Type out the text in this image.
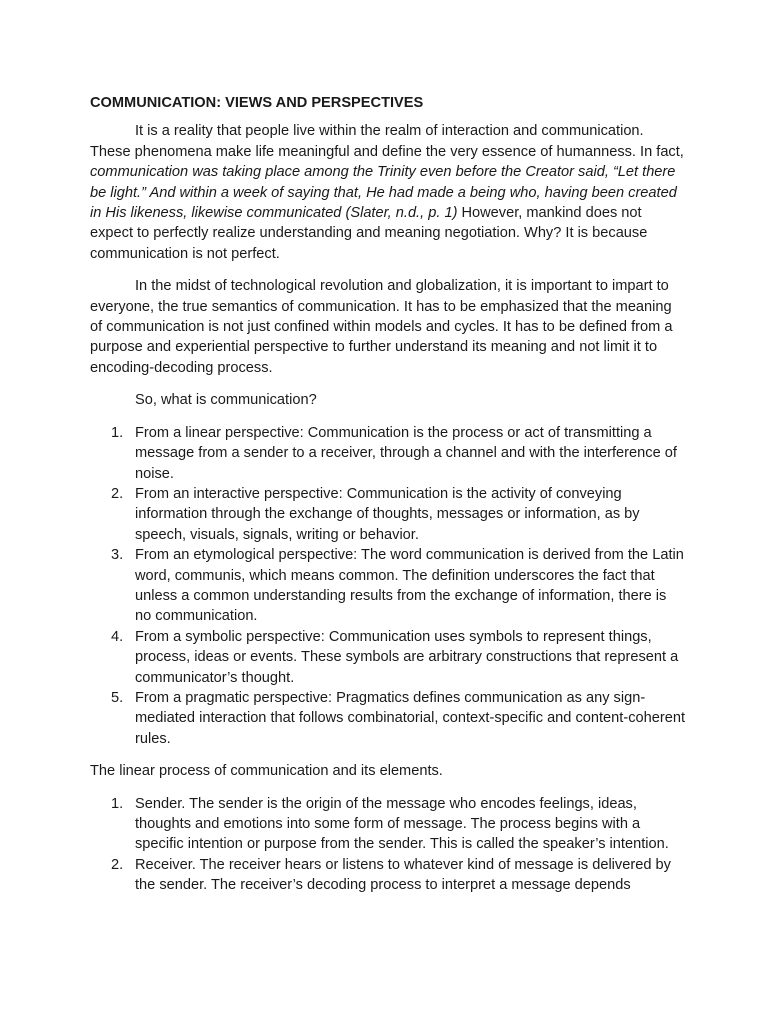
COMMUNICATION: VIEWS AND PERSPECTIVES

It is a reality that people live within the realm of interaction and communication. These phenomena make life meaningful and define the very essence of humanness. In fact, communication was taking place among the Trinity even before the Creator said, “Let there be light.” And within a week of saying that, He had made a being who, having been created in His likeness, likewise communicated (Slater, n.d., p. 1) However, mankind does not expect to perfectly realize understanding and meaning negotiation. Why? It is because communication is not perfect.

In the midst of technological revolution and globalization, it is important to impart to everyone, the true semantics of communication. It has to be emphasized that the meaning of communication is not just confined within models and cycles. It has to be defined from a purpose and experiential perspective to further understand its meaning and not limit it to encoding-decoding process.

So, what is communication?

1. From a linear perspective: Communication is the process or act of transmitting a message from a sender to a receiver, through a channel and with the interference of noise.
2. From an interactive perspective: Communication is the activity of conveying information through the exchange of thoughts, messages or information, as by speech, visuals, signals, writing or behavior.
3. From an etymological perspective: The word communication is derived from the Latin word, communis, which means common. The definition underscores the fact that unless a common understanding results from the exchange of information, there is no communication.
4. From a symbolic perspective: Communication uses symbols to represent things, process, ideas or events. These symbols are arbitrary constructions that represent a communicator’s thought.
5. From a pragmatic perspective: Pragmatics defines communication as any sign-mediated interaction that follows combinatorial, context-specific and content-coherent rules.

The linear process of communication and its elements.

1. Sender. The sender is the origin of the message who encodes feelings, ideas, thoughts and emotions into some form of message. The process begins with a specific intention or purpose from the sender. This is called the speaker’s intention.
2. Receiver. The receiver hears or listens to whatever kind of message is delivered by the sender. The receiver’s decoding process to interpret a message depends
